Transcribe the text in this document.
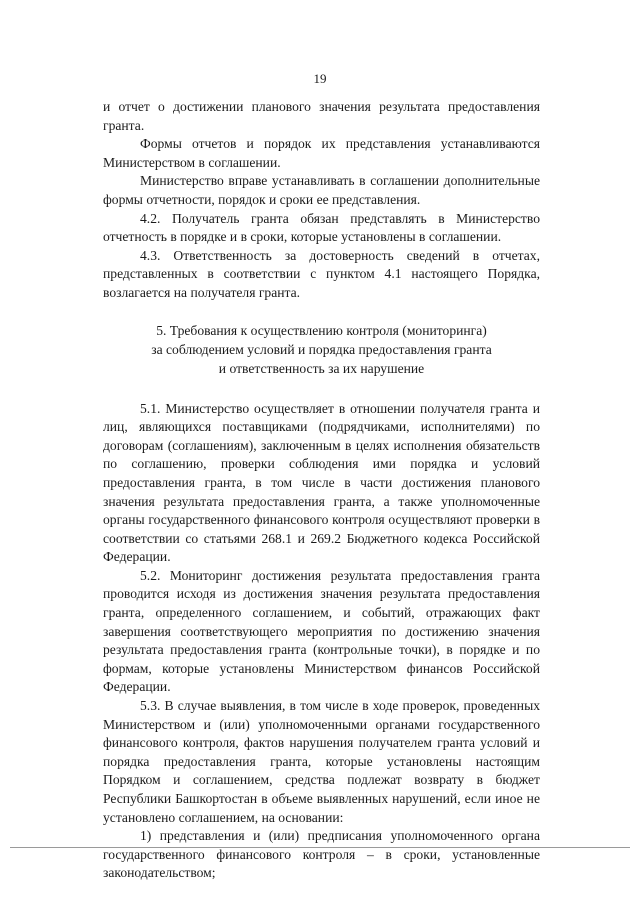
19

и отчет о достижении планового значения результата предоставления гранта.

Формы отчетов и порядок их представления устанавливаются Министерством в соглашении.

Министерство вправе устанавливать в соглашении дополнительные формы отчетности, порядок и сроки ее представления.

4.2. Получатель гранта обязан представлять в Министерство отчетность в порядке и в сроки, которые установлены в соглашении.

4.3. Ответственность за достоверность сведений в отчетах, представленных в соответствии с пунктом 4.1 настоящего Порядка, возлагается на получателя гранта.

5. Требования к осуществлению контроля (мониторинга)
за соблюдением условий и порядка предоставления гранта
и ответственность за их нарушение

5.1. Министерство осуществляет в отношении получателя гранта и лиц, являющихся поставщиками (подрядчиками, исполнителями) по договорам (соглашениям), заключенным в целях исполнения обязательств по соглашению, проверки соблюдения ими порядка и условий предоставления гранта, в том числе в части достижения планового значения результата предоставления гранта, а также уполномоченные органы государственного финансового контроля осуществляют проверки в соответствии со статьями 268.1 и 269.2 Бюджетного кодекса Российской Федерации.

5.2. Мониторинг достижения результата предоставления гранта проводится исходя из достижения значения результата предоставления гранта, определенного соглашением, и событий, отражающих факт завершения соответствующего мероприятия по достижению значения результата предоставления гранта (контрольные точки), в порядке и по формам, которые установлены Министерством финансов Российской Федерации.

5.3. В случае выявления, в том числе в ходе проверок, проведенных Министерством и (или) уполномоченными органами государственного финансового контроля, фактов нарушения получателем гранта условий и порядка предоставления гранта, которые установлены настоящим Порядком и соглашением, средства подлежат возврату в бюджет Республики Башкортостан в объеме выявленных нарушений, если иное не установлено соглашением, на основании:

1) представления и (или) предписания уполномоченного органа государственного финансового контроля – в сроки, установленные законодательством;
